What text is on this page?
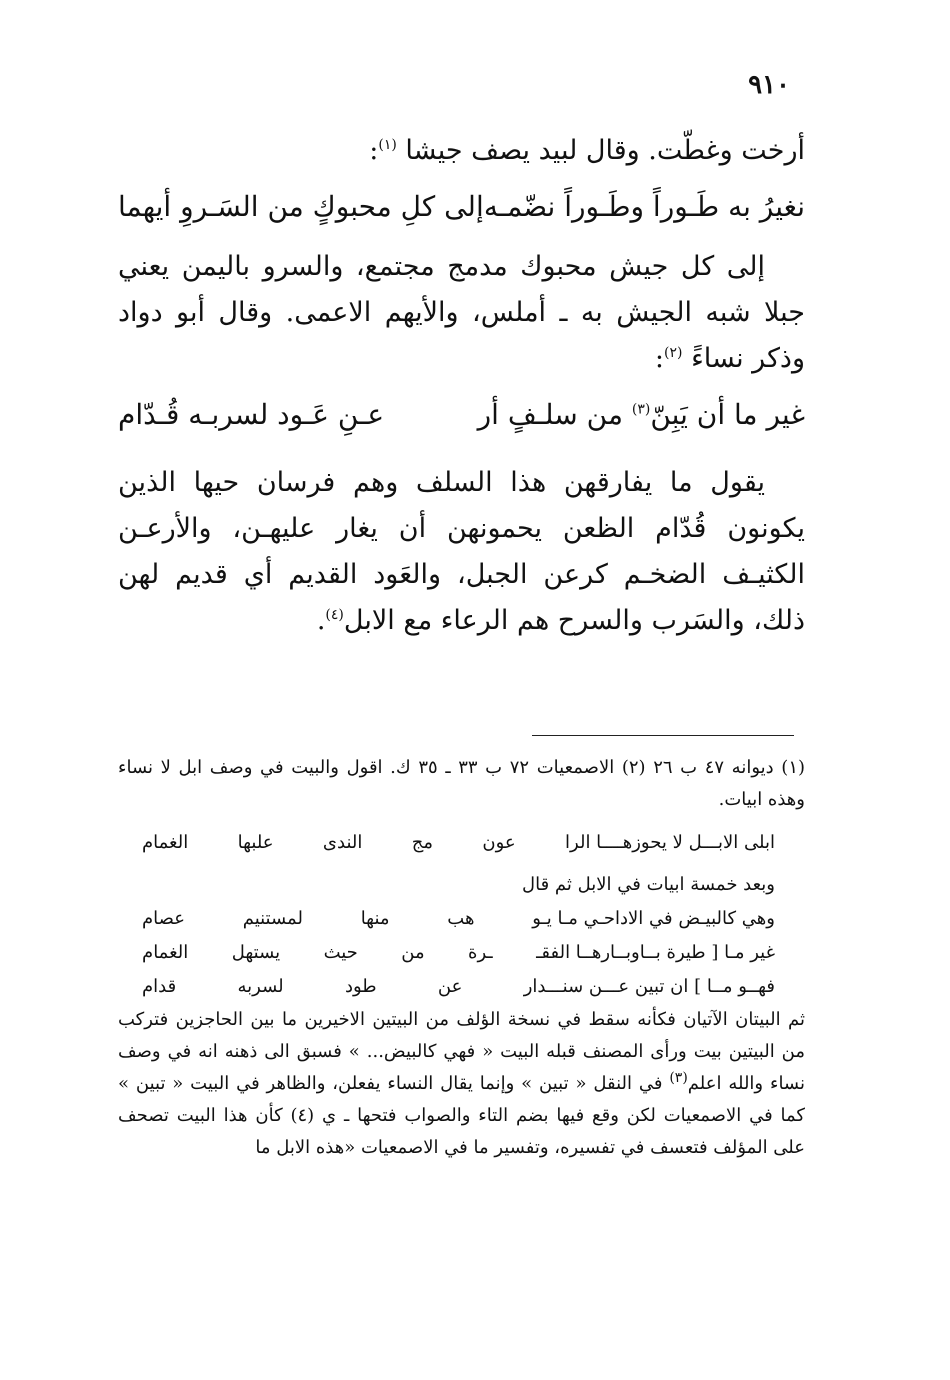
٩١٠

أرخت وغطّت. وقال لبيد يصف جيشا $^{(١)}$:

نغيرُ به طَـوراً وطَـوراً نضّمـه
إلى كلِ محبوكٍ من السَـروِ أيهما

إلى كل جيش محبوك مدمج مجتمع، والسرو باليمن يعني جبلا شبه الجيش به ـ أملس، والأيهم الاعمى. وقال أبو دواد وذكر نساءً $^{(٢)}$:

غير ما أن يَبِنّ$^{(٣)}$ من سلـفٍ أر
عـنِ عَـود لسربـه قُـدّام

يقول ما يفارقهن هذا السلف وهم فرسان حيها الذين يكونون قُدّام الظعن يحمونهن أن يغار عليهـن، والأرعـن الكثيـف الضخـم كرعن الجبل، والعَود القديم أي قديم لهن ذلك، والسَرب والسرح هم الرعاء مع الابل$^{(٤)}$.

(١) ديوانه ٤٧ ب ٢٦ (٢) الاصمعيات ٧٢ ب ٣٣ ـ ٣٥ ك. اقول والبيت في وصف ابل لا نساء وهذه ابيات.

ابلى الابـــل لا يحوزهــــا الرا
عون
مج
الندى
علبها
الغمام
وبعد خمسة ابيات في الابل ثم قال
وهي كالبيـض في الاداحـي مـا يـو
هب
منها
لمستنيم
عصام
غير مـا [ طيرة بــاوبــارهــا الفقـ
ـرة
من
حيث
يستهل
الغمام
فهــو مــا ] ان تبين عـــن سنـــدار
عن
طود
لسربه
قدام

ثم البيتان الآتيان فكأنه سقط في نسخة الؤلف من البيتين الاخيرين ما بين الحاجزين فتركب من البيتين بيت ورأى المصنف قبله البيت « فهي كالبيض... » فسبق الى ذهنه انه في وصف نساء والله اعلم$^{(٣)}$ في النقل « تبين » وإنما يقال النساء يفعلن، والظاهر في البيت « تبين » كما في الاصمعيات لكن وقع فيها بضم التاء والصواب فتحها ـ ي (٤) كأن هذا البيت تصحف على المؤلف فتعسف في تفسيره، وتفسير ما في الاصمعيات «هذه الابل ما
